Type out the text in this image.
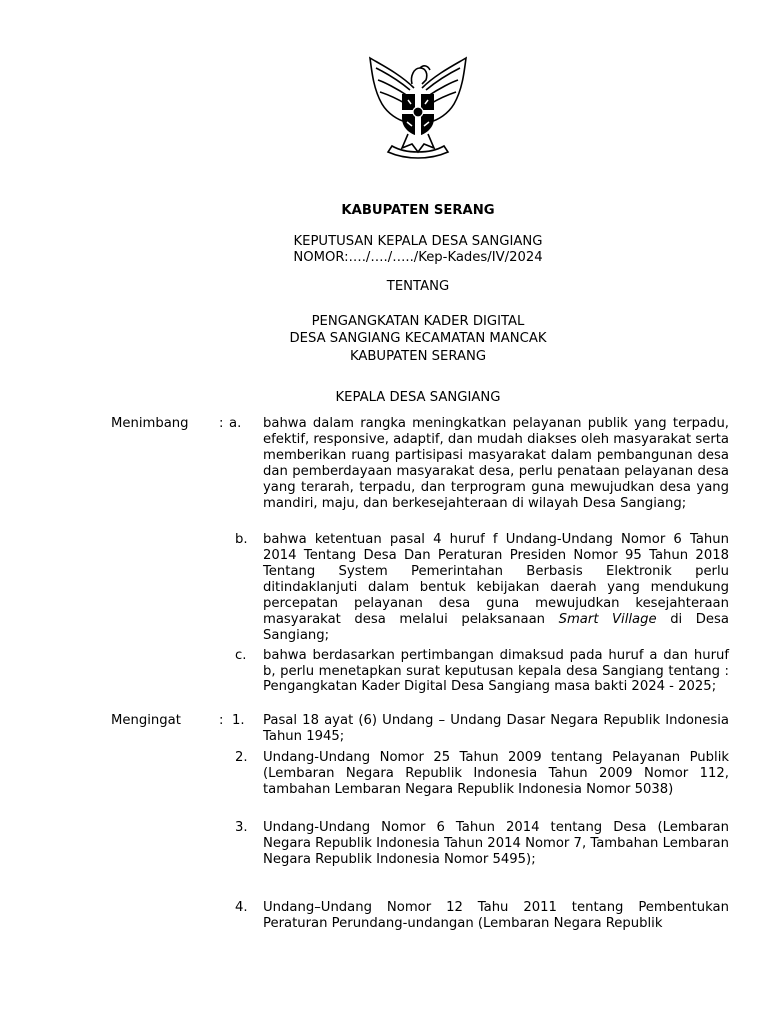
KABUPATEN SERANG
KEPUTUSAN KEPALA DESA SANGIANG
NOMOR:…./…./…../Kep-Kades/IV/2024
TENTANG
PENGANGKATAN KADER DIGITAL
DESA SANGIANG KECAMATAN MANCAK
KABUPATEN SERANG
KEPALA DESA SANGIANG
Menimbang : a. bahwa dalam rangka meningkatkan pelayanan publik yang terpadu, efektif, responsive, adaptif, dan mudah diakses oleh masyarakat serta memberikan ruang partisipasi masyarakat dalam pembangunan desa dan pemberdayaan masyarakat desa, perlu penataan pelayanan desa yang terarah, terpadu, dan terprogram guna mewujudkan desa yang mandiri, maju, dan berkesejahteraan di wilayah Desa Sangiang;
b. bahwa ketentuan pasal 4 huruf f Undang-Undang Nomor 6 Tahun 2014 Tentang Desa Dan Peraturan Presiden Nomor 95 Tahun 2018 Tentang System Pemerintahan Berbasis Elektronik perlu ditindaklanjuti dalam bentuk kebijakan daerah yang mendukung percepatan pelayanan desa guna mewujudkan kesejahteraan masyarakat desa melalui pelaksanaan Smart Village di Desa Sangiang;
c. bahwa berdasarkan pertimbangan dimaksud pada huruf a dan huruf b, perlu menetapkan surat keputusan kepala desa Sangiang tentang : Pengangkatan Kader Digital Desa Sangiang masa bakti 2024 - 2025;
Mengingat	: 1. Pasal 18 ayat (6) Undang – Undang Dasar Negara Republik Indonesia Tahun 1945;
2. Undang-Undang Nomor 25 Tahun 2009 tentang Pelayanan Publik (Lembaran Negara Republik Indonesia Tahun 2009 Nomor 112, tambahan Lembaran Negara Republik Indonesia Nomor 5038)
3. Undang-Undang Nomor 6 Tahun 2014 tentang Desa (Lembaran Negara Republik Indonesia Tahun 2014 Nomor 7, Tambahan Lembaran Negara Republik Indonesia Nomor 5495);
4. Undang–Undang Nomor 12 Tahu 2011 tentang Pembentukan Peraturan Perundang-undangan (Lembaran Negara Republik
